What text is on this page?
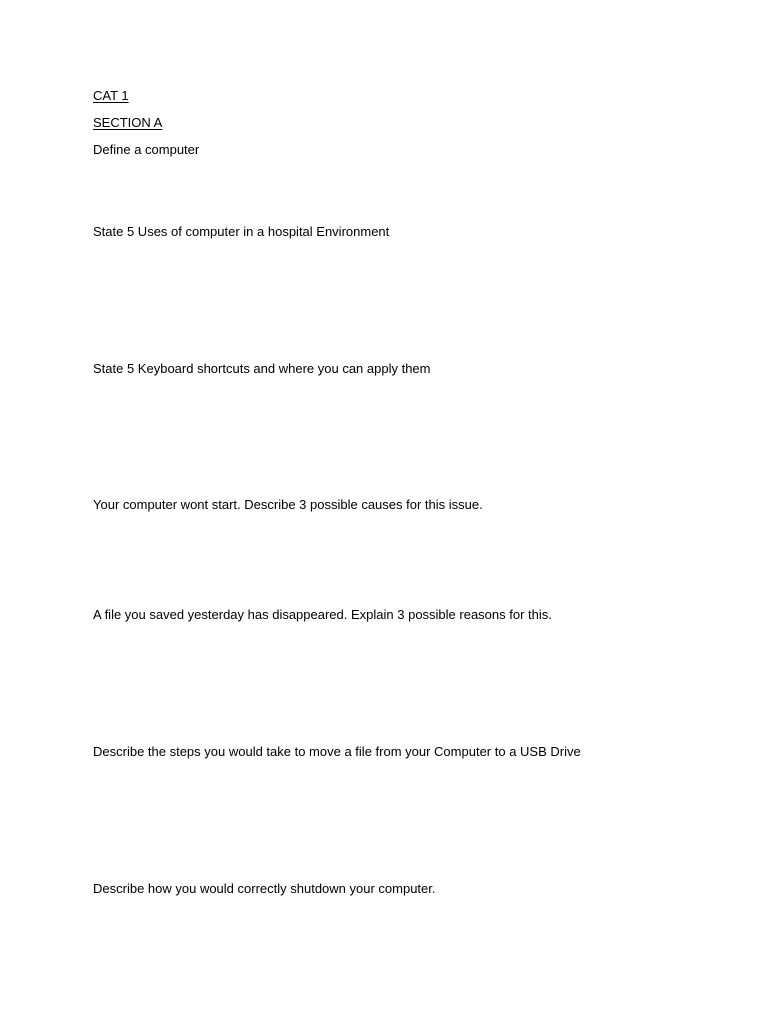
CAT 1
SECTION A
Define a computer
State 5 Uses of computer in a hospital Environment
State 5 Keyboard shortcuts and where you can apply them
Your computer wont start. Describe 3 possible causes for this issue.
A file you saved yesterday has disappeared. Explain 3 possible reasons for this.
Describe the steps you would take to move a file from your Computer to a USB Drive
Describe how you would correctly shutdown your computer.
